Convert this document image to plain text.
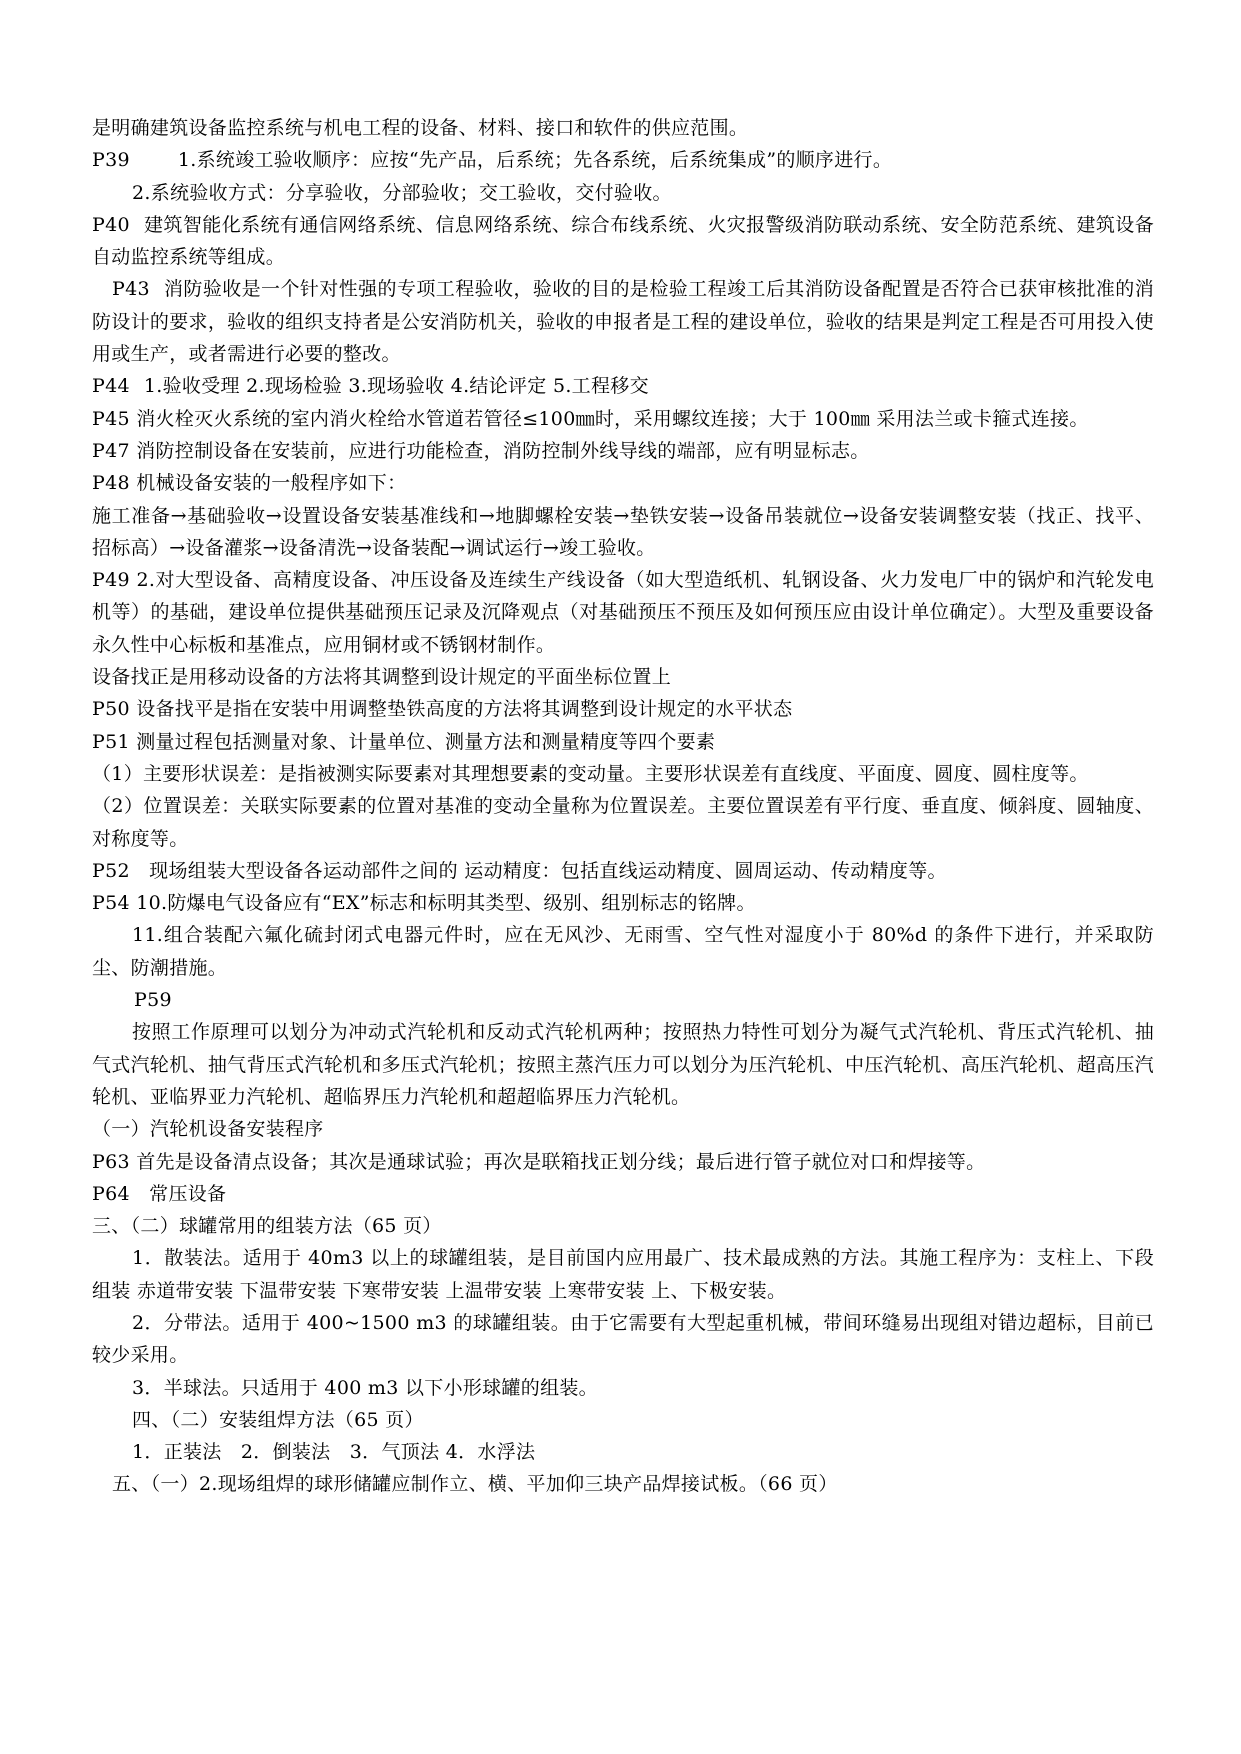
是明确建筑设备监控系统与机电工程的设备、材料、接口和软件的供应范围。

P39	1.系统竣工验收顺序：应按“先产品，后系统；先各系统，后系统集成”的顺序进行。

2.系统验收方式：分享验收，分部验收；交工验收，交付验收。

P40 建筑智能化系统有通信网络系统、信息网络系统、综合布线系统、火灾报警级消防联动系统、安全防范系统、建筑设备自动监控系统等组成。

P43 消防验收是一个针对性强的专项工程验收，验收的目的是检验工程竣工后其消防设备配置是否符合已获审核批准的消防设计的要求，验收的组织支持者是公安消防机关，验收的申报者是工程的建设单位，验收的结果是判定工程是否可用投入使用或生产，或者需进行必要的整改。

P44 1.验收受理 2.现场检验 3.现场验收 4.结论评定 5.工程移交

P45 消火栓灭火系统的室内消火栓给水管道若管径≤100㎜时，采用螺纹连接；大于 100㎜ 采用法兰或卡箍式连接。

P47 消防控制设备在安装前，应进行功能检查，消防控制外线导线的端部，应有明显标志。

P48 机械设备安装的一般程序如下：

施工准备→基础验收→设置设备安装基准线和→地脚螺栓安装→垫铁安装→设备吊装就位→设备安装调整安装（找正、找平、招标高）→设备灌浆→设备清洗→设备装配→调试运行→竣工验收。

P49 2.对大型设备、高精度设备、冲压设备及连续生产线设备（如大型造纸机、轧钢设备、火力发电厂中的锅炉和汽轮发电机等）的基础，建设单位提供基础预压记录及沉降观点（对基础预压不预压及如何预压应由设计单位确定）。大型及重要设备永久性中心标板和基准点，应用铜材或不锈钢材制作。

设备找正是用移动设备的方法将其调整到设计规定的平面坐标位置上

P50 设备找平是指在安装中用调整垫铁高度的方法将其调整到设计规定的水平状态

P51 测量过程包括测量对象、计量单位、测量方法和测量精度等四个要素

（1）主要形状误差：是指被测实际要素对其理想要素的变动量。主要形状误差有直线度、平面度、圆度、圆柱度等。

（2）位置误差：关联实际要素的位置对基准的变动全量称为位置误差。主要位置误差有平行度、垂直度、倾斜度、圆轴度、对称度等。

P52　现场组装大型设备各运动部件之间的 运动精度：包括直线运动精度、圆周运动、传动精度等。

P54 10.防爆电气设备应有“EX”标志和标明其类型、级别、组别标志的铭牌。

11.组合装配六氟化硫封闭式电器元件时，应在无风沙、无雨雪、空气性对湿度小于 80%d 的条件下进行，并采取防尘、防潮措施。

P59

按照工作原理可以划分为冲动式汽轮机和反动式汽轮机两种；按照热力特性可划分为凝气式汽轮机、背压式汽轮机、抽气式汽轮机、抽气背压式汽轮机和多压式汽轮机；按照主蒸汽压力可以划分为压汽轮机、中压汽轮机、高压汽轮机、超高压汽轮机、亚临界亚力汽轮机、超临界压力汽轮机和超超临界压力汽轮机。

（一）汽轮机设备安装程序

P63 首先是设备清点设备；其次是通球试验；再次是联箱找正划分线；最后进行管子就位对口和焊接等。

P64　常压设备

三、（二）球罐常用的组装方法（65 页）

1．散装法。适用于 40m3 以上的球罐组装，是目前国内应用最广、技术最成熟的方法。其施工程序为：支柱上、下段组装 赤道带安装 下温带安装 下寒带安装 上温带安装 上寒带安装 上、下极安装。

2．分带法。适用于 400~1500 m3 的球罐组装。由于它需要有大型起重机械，带间环缝易出现组对错边超标，目前已较少采用。

3．半球法。只适用于 400 m3 以下小形球罐的组装。

四、（二）安装组焊方法（65 页）

1．正装法　2．倒装法　3．气顶法 4．水浮法

五、（一）2.现场组焊的球形储罐应制作立、横、平加仰三块产品焊接试板。（66 页）
